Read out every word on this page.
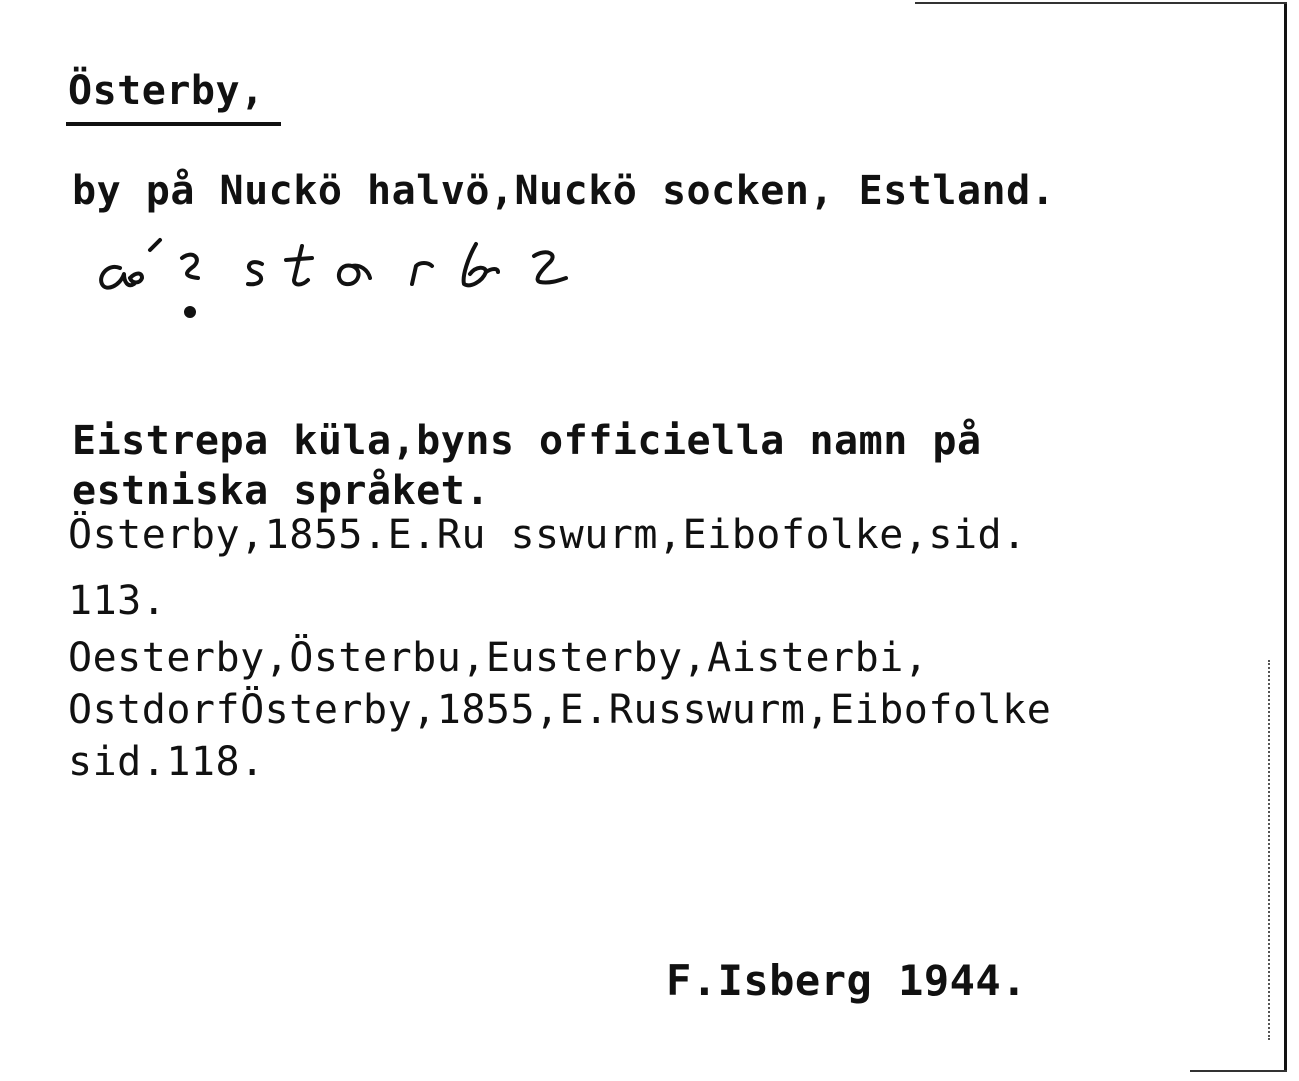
Österby,
by på Nuckö halvö,Nuckö socken, Estland.
Eistrepa küla,byns officiella namn på
estniska språket.
Österby,1855.E.Ru sswurm,Eibofolke,sid.
113.
Oesterby,Österbu,Eusterby,Aisterbi,
OstdorfÖsterby,1855,E.Russwurm,Eibofolke
sid.118.
F.Isberg 1944.
